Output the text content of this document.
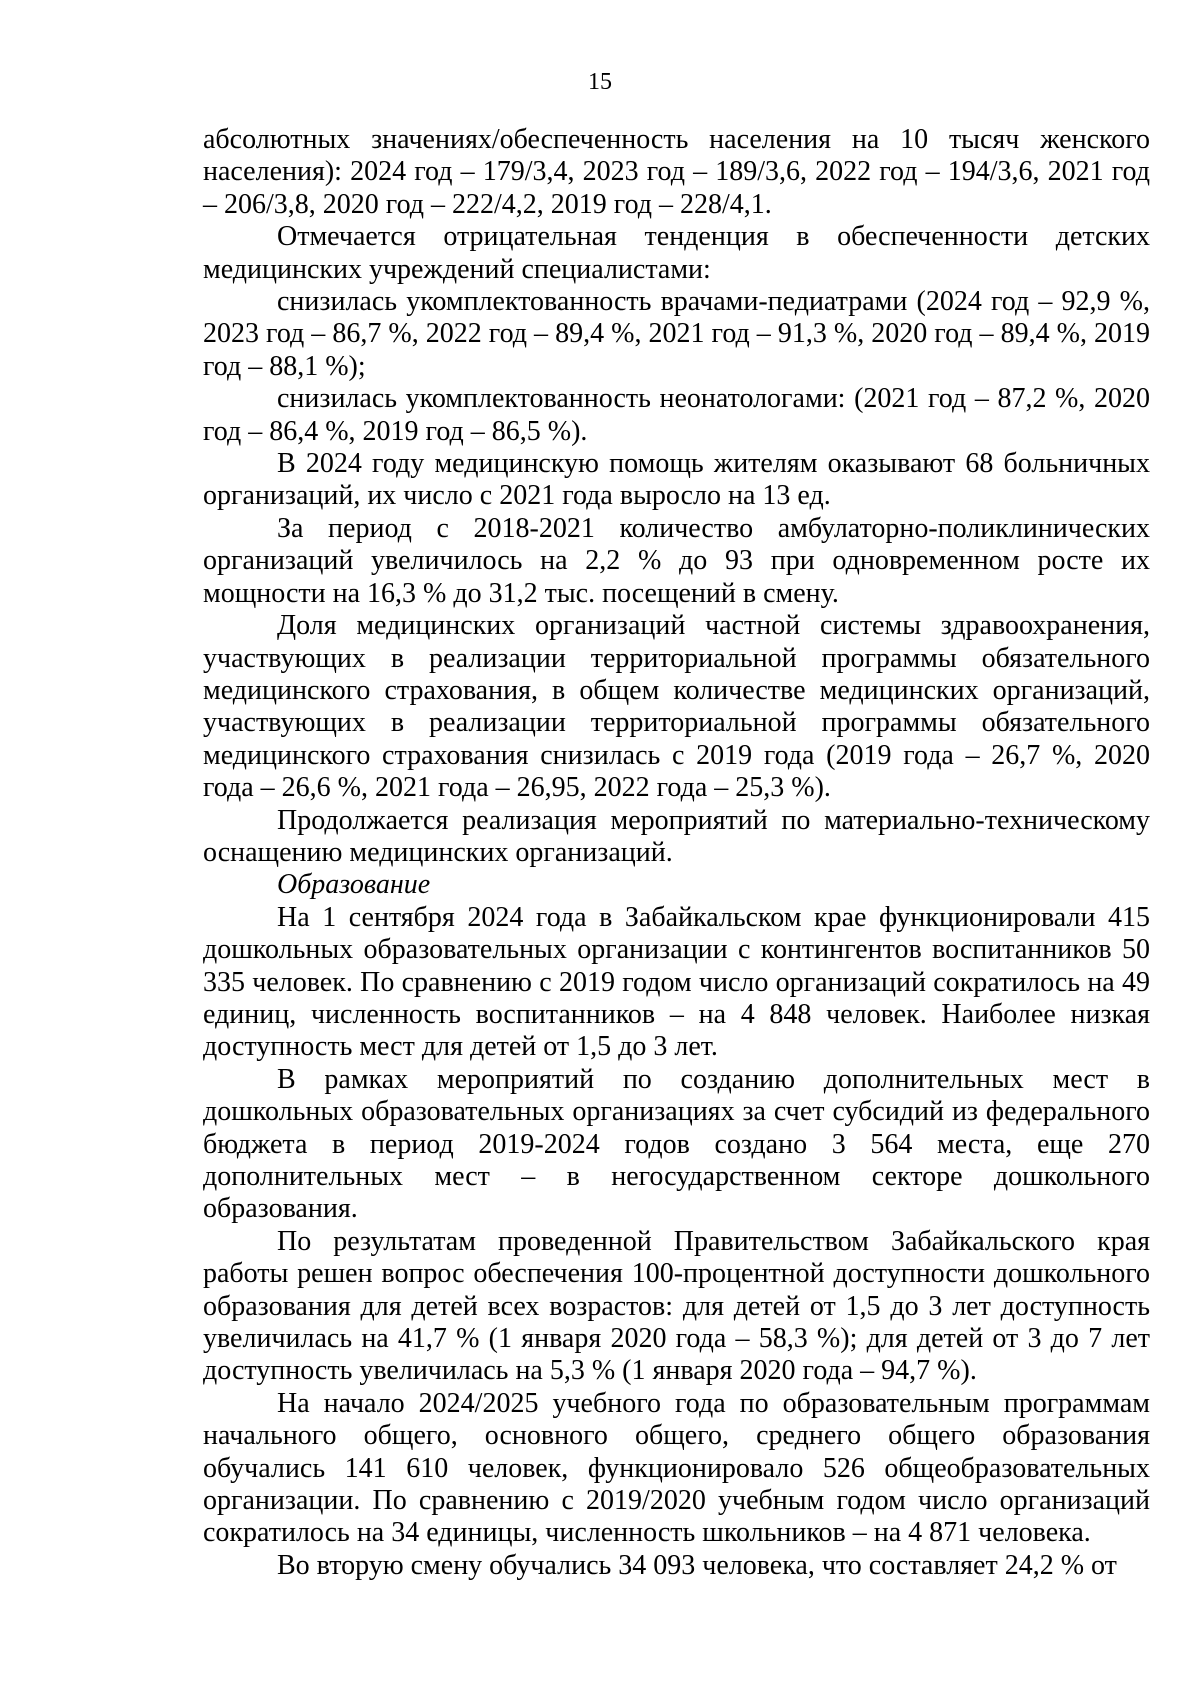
15

абсолютных значениях/обеспеченность населения на 10 тысяч женского населения): 2024 год – 179/3,4, 2023 год – 189/3,6, 2022 год – 194/3,6, 2021 год – 206/3,8, 2020 год – 222/4,2, 2019 год – 228/4,1.

Отмечается отрицательная тенденция в обеспеченности детских медицинских учреждений специалистами:

снизилась укомплектованность врачами-педиатрами (2024 год – 92,9 %, 2023 год – 86,7 %, 2022 год – 89,4 %, 2021 год – 91,3 %, 2020 год – 89,4 %, 2019 год – 88,1 %);

снизилась укомплектованность неонатологами: (2021 год – 87,2 %, 2020 год – 86,4 %, 2019 год – 86,5 %).

В 2024 году медицинскую помощь жителям оказывают 68 больничных организаций, их число с 2021 года выросло на 13 ед.

За период с 2018-2021 количество амбулаторно-поликлинических организаций увеличилось на 2,2 % до 93 при одновременном росте их мощности на 16,3 % до 31,2 тыс. посещений в смену.

Доля медицинских организаций частной системы здравоохранения, участвующих в реализации территориальной программы обязательного медицинского страхования, в общем количестве медицинских организаций, участвующих в реализации территориальной программы обязательного медицинского страхования снизилась с 2019 года (2019 года – 26,7 %, 2020 года – 26,6 %, 2021 года – 26,95, 2022 года – 25,3 %).

Продолжается реализация мероприятий по материально-техническому оснащению медицинских организаций.

Образование

На 1 сентября 2024 года в Забайкальском крае функционировали 415 дошкольных образовательных организации с контингентов воспитанников 50 335 человек. По сравнению с 2019 годом число организаций сократилось на 49 единиц, численность воспитанников – на 4 848 человек. Наиболее низкая доступность мест для детей от 1,5 до 3 лет.

В рамках мероприятий по созданию дополнительных мест в дошкольных образовательных организациях за счет субсидий из федерального бюджета в период 2019-2024 годов создано 3 564 места, еще 270 дополнительных мест – в негосударственном секторе дошкольного образования.

По результатам проведенной Правительством Забайкальского края работы решен вопрос обеспечения 100-процентной доступности дошкольного образования для детей всех возрастов: для детей от 1,5 до 3 лет доступность увеличилась на 41,7 % (1 января 2020 года – 58,3 %); для детей от 3 до 7 лет доступность увеличилась на 5,3 % (1 января 2020 года – 94,7 %).

На начало 2024/2025 учебного года по образовательным программам начального общего, основного общего, среднего общего образования обучались 141 610 человек, функционировало 526 общеобразовательных организации. По сравнению с 2019/2020 учебным годом число организаций сократилось на 34 единицы, численность школьников – на 4 871 человека.

Во вторую смену обучались 34 093 человека, что составляет 24,2 % от
